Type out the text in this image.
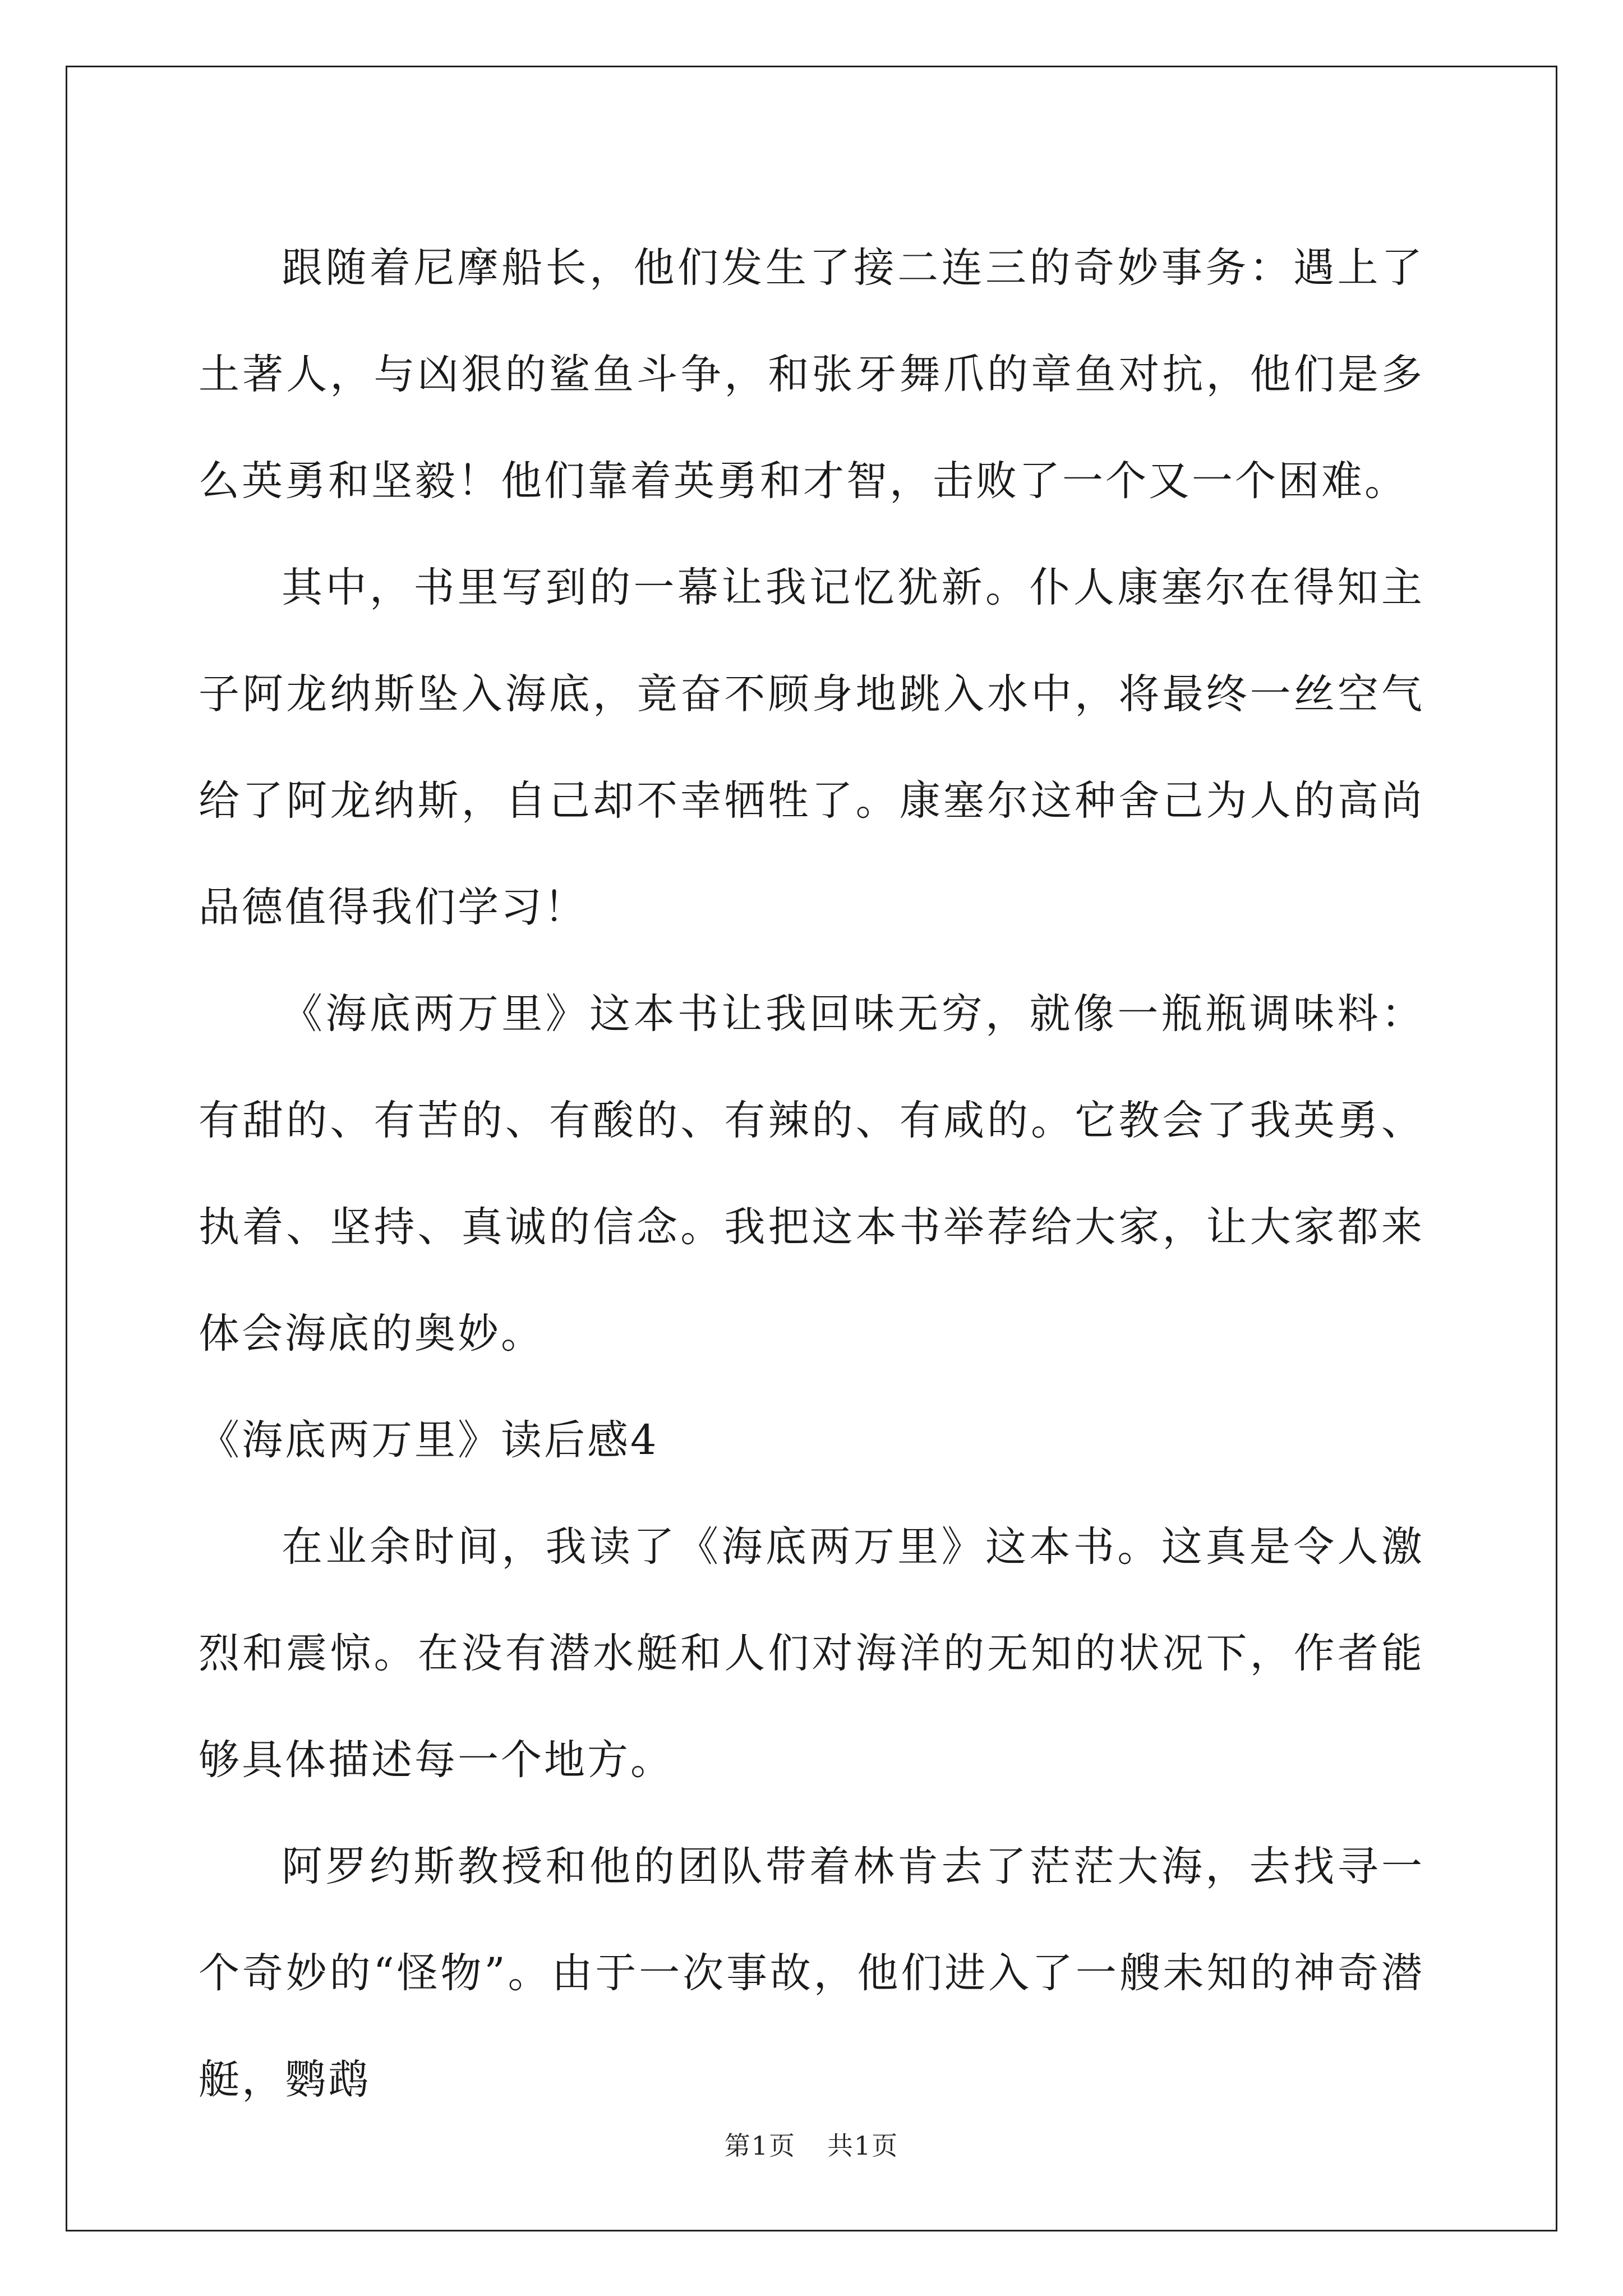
跟随着尼摩船长，他们发生了接二连三的奇妙事务：遇上了土著人，与凶狠的鲨鱼斗争，和张牙舞爪的章鱼对抗，他们是多么英勇和坚毅！他们靠着英勇和才智，击败了一个又一个困难。

其中，书里写到的一幕让我记忆犹新。仆人康塞尔在得知主子阿龙纳斯坠入海底，竟奋不顾身地跳入水中，将最终一丝空气给了阿龙纳斯，自己却不幸牺牲了。康塞尔这种舍己为人的高尚品德值得我们学习！

《海底两万里》这本书让我回味无穷，就像一瓶瓶调味料：有甜的、有苦的、有酸的、有辣的、有咸的。它教会了我英勇、执着、坚持、真诚的信念。我把这本书举荐给大家，让大家都来体会海底的奥妙。

《海底两万里》读后感4

在业余时间，我读了《海底两万里》这本书。这真是令人激烈和震惊。在没有潜水艇和人们对海洋的无知的状况下，作者能够具体描述每一个地方。

阿罗约斯教授和他的团队带着林肯去了茫茫大海，去找寻一个奇妙的“怪物”。由于一次事故，他们进入了一艘未知的神奇潜艇，鹦鹉

第1页 共1页
